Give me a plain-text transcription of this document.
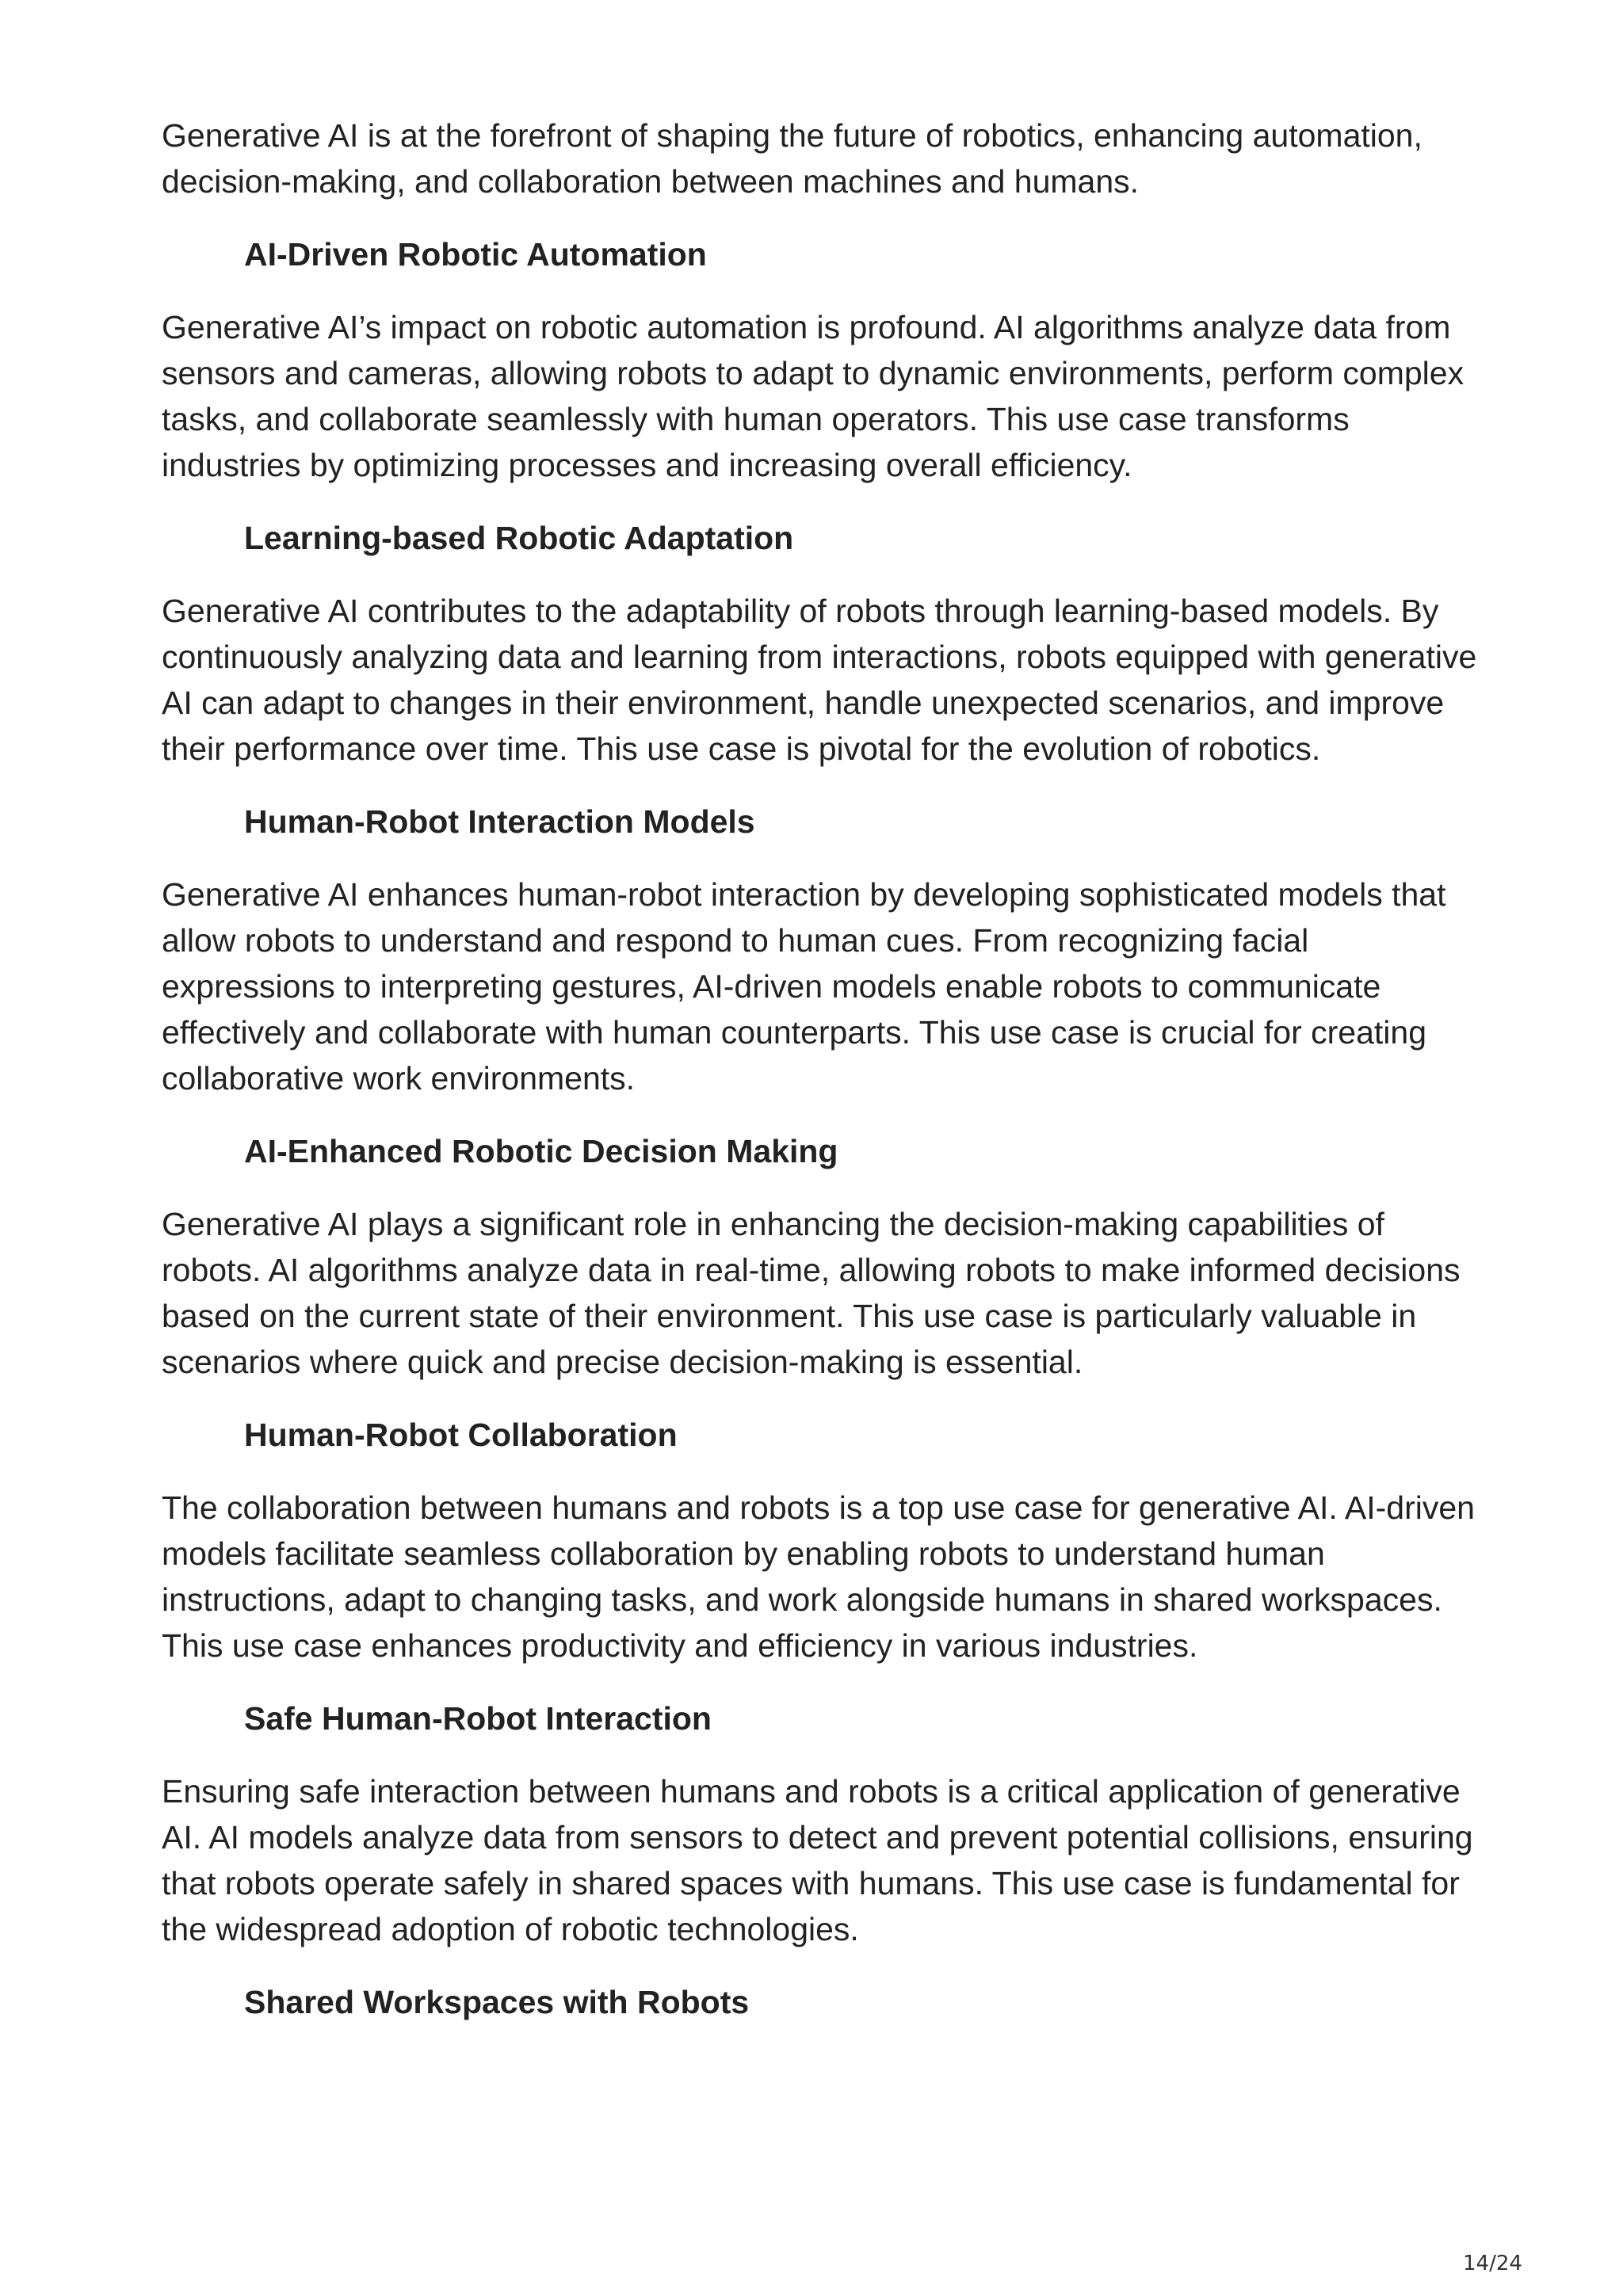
Generative AI is at the forefront of shaping the future of robotics, enhancing automation, decision-making, and collaboration between machines and humans.

AI-Driven Robotic Automation

Generative AI’s impact on robotic automation is profound. AI algorithms analyze data from sensors and cameras, allowing robots to adapt to dynamic environments, perform complex tasks, and collaborate seamlessly with human operators. This use case transforms industries by optimizing processes and increasing overall efficiency.

Learning-based Robotic Adaptation

Generative AI contributes to the adaptability of robots through learning-based models. By continuously analyzing data and learning from interactions, robots equipped with generative AI can adapt to changes in their environment, handle unexpected scenarios, and improve their performance over time. This use case is pivotal for the evolution of robotics.

Human-Robot Interaction Models

Generative AI enhances human-robot interaction by developing sophisticated models that allow robots to understand and respond to human cues. From recognizing facial expressions to interpreting gestures, AI-driven models enable robots to communicate effectively and collaborate with human counterparts. This use case is crucial for creating collaborative work environments.

AI-Enhanced Robotic Decision Making

Generative AI plays a significant role in enhancing the decision-making capabilities of robots. AI algorithms analyze data in real-time, allowing robots to make informed decisions based on the current state of their environment. This use case is particularly valuable in scenarios where quick and precise decision-making is essential.

Human-Robot Collaboration

The collaboration between humans and robots is a top use case for generative AI. AI-driven models facilitate seamless collaboration by enabling robots to understand human instructions, adapt to changing tasks, and work alongside humans in shared workspaces. This use case enhances productivity and efficiency in various industries.

Safe Human-Robot Interaction

Ensuring safe interaction between humans and robots is a critical application of generative AI. AI models analyze data from sensors to detect and prevent potential collisions, ensuring that robots operate safely in shared spaces with humans. This use case is fundamental for the widespread adoption of robotic technologies.

Shared Workspaces with Robots
14/24
